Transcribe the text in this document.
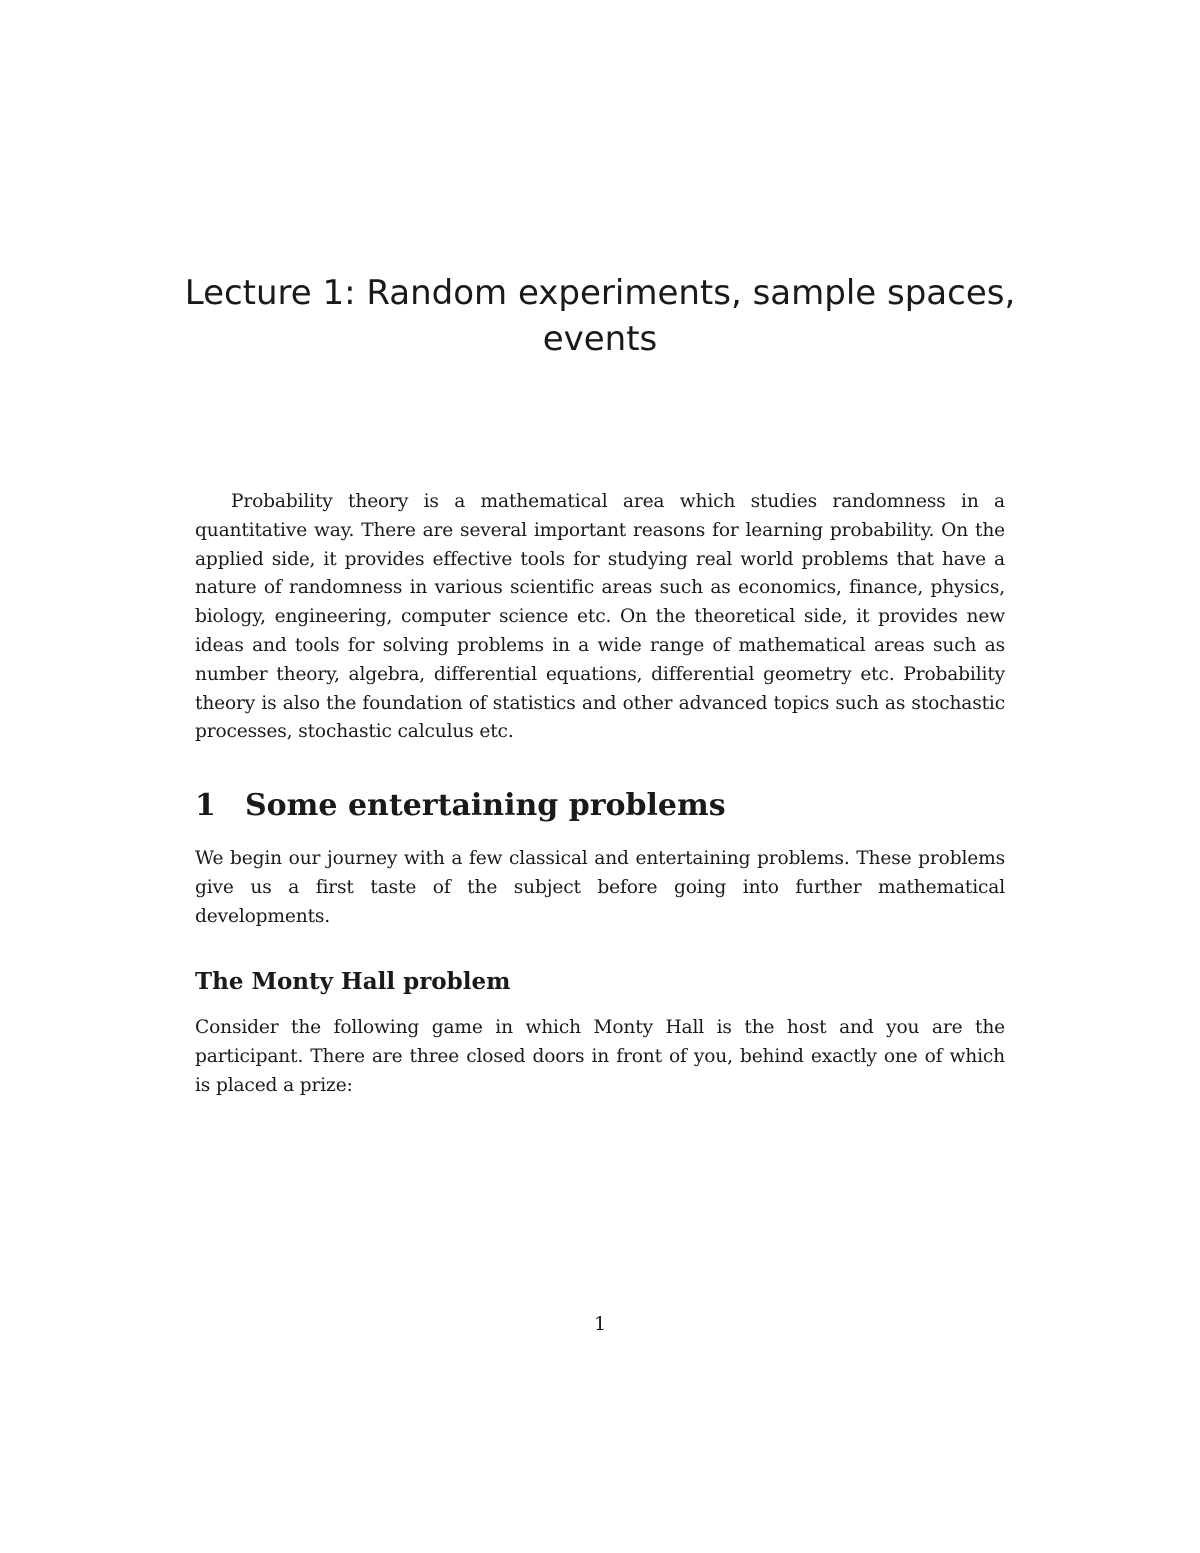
Lecture 1: Random experiments, sample spaces,
events

Probability theory is a mathematical area which studies randomness in a quantitative way. There are several important reasons for learning probability. On the applied side, it provides effective tools for studying real world problems that have a nature of randomness in various scientific areas such as economics, finance, physics, biology, engineering, computer science etc. On the theoretical side, it provides new ideas and tools for solving problems in a wide range of mathematical areas such as number theory, algebra, differential equations, differential geometry etc. Probability theory is also the foundation of statistics and other advanced topics such as stochastic processes, stochastic calculus etc.

1 Some entertaining problems

We begin our journey with a few classical and entertaining problems. These problems give us a first taste of the subject before going into further mathematical developments.

The Monty Hall problem

Consider the following game in which Monty Hall is the host and you are the participant. There are three closed doors in front of you, behind exactly one of which is placed a prize:

1
